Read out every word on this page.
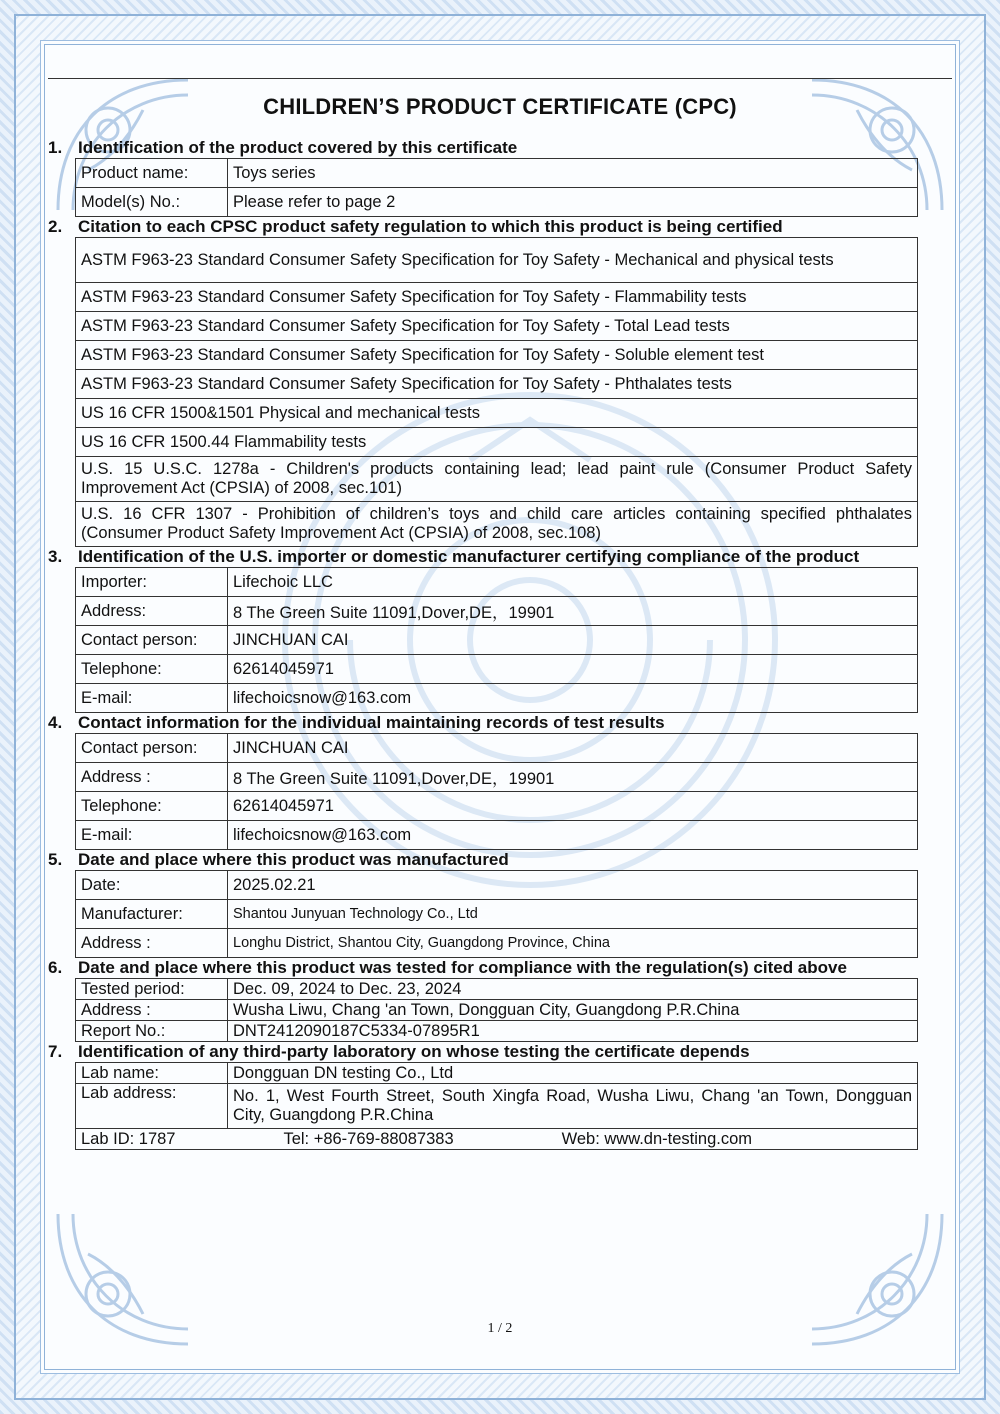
CHILDREN’S PRODUCT CERTIFICATE (CPC)
1. Identification of the product covered by this certificate
Product name:	Toys series
Model(s) No.:	Please refer to page 2
2. Citation to each CPSC product safety regulation to which this product is being certified
ASTM F963-23 Standard Consumer Safety Specification for Toy Safety - Mechanical and physical tests
ASTM F963-23 Standard Consumer Safety Specification for Toy Safety - Flammability tests
ASTM F963-23 Standard Consumer Safety Specification for Toy Safety - Total Lead tests
ASTM F963-23 Standard Consumer Safety Specification for Toy Safety - Soluble element test
ASTM F963-23 Standard Consumer Safety Specification for Toy Safety - Phthalates tests
US 16 CFR 1500&1501 Physical and mechanical tests
US 16 CFR 1500.44 Flammability tests
U.S. 15 U.S.C. 1278a - Children's products containing lead; lead paint rule (Consumer Product Safety Improvement Act (CPSIA) of 2008, sec.101)
U.S. 16 CFR 1307 - Prohibition of children’s toys and child care articles containing specified phthalates (Consumer Product Safety Improvement Act (CPSIA) of 2008, sec.108)
3. Identification of the U.S. importer or domestic manufacturer certifying compliance of the product
Importer:	Lifechoic LLC
Address:	8 The Green Suite 11091,Dover,DE，19901
Contact person:	JINCHUAN CAI
Telephone:	62614045971
E-mail:	lifechoicsnow@163.com
4. Contact information for the individual maintaining records of test results
Contact person:	JINCHUAN CAI
Address :	8 The Green Suite 11091,Dover,DE，19901
Telephone:	62614045971
E-mail:	lifechoicsnow@163.com
5. Date and place where this product was manufactured
Date:	2025.02.21
Manufacturer:	Shantou Junyuan Technology Co., Ltd
Address :	Longhu District, Shantou City, Guangdong Province, China
6. Date and place where this product was tested for compliance with the regulation(s) cited above
Tested period:	Dec. 09, 2024 to Dec. 23, 2024
Address :	Wusha Liwu, Chang 'an Town, Dongguan City, Guangdong P.R.China
Report No.:	DNT2412090187C5334-07895R1
7. Identification of any third-party laboratory on whose testing the certificate depends
Lab name:	Dongguan DN testing Co., Ltd
Lab address:	No. 1, West Fourth Street, South Xingfa Road, Wusha Liwu, Chang 'an Town, Dongguan City, Guangdong P.R.China

Lab ID: 1787 Tel: +86-769-88087383 Web: www.dn-testing.com	
1 / 2
